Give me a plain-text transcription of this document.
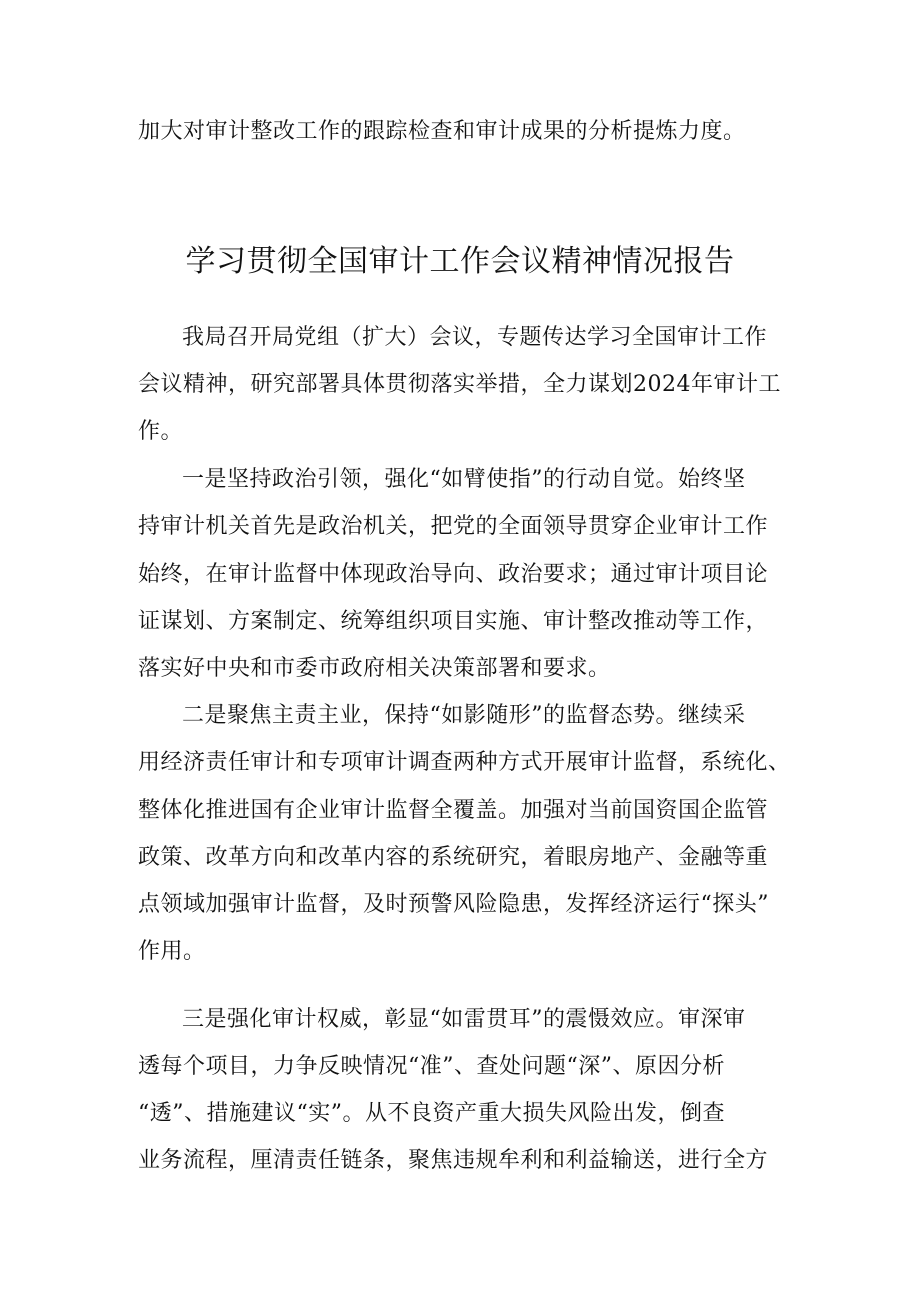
加大对审计整改工作的跟踪检查和审计成果的分析提炼力度。
学习贯彻全国审计工作会议精神情况报告
我局召开局党组（扩大）会议，专题传达学习全国审计工作
会议精神，研究部署具体贯彻落实举措，全力谋划2024年审计工
作。
一是坚持政治引领，强化“如臂使指”的行动自觉。始终坚
持审计机关首先是政治机关，把党的全面领导贯穿企业审计工作
始终，在审计监督中体现政治导向、政治要求；通过审计项目论
证谋划、方案制定、统筹组织项目实施、审计整改推动等工作，
落实好中央和市委市政府相关决策部署和要求。
二是聚焦主责主业，保持“如影随形”的监督态势。继续采
用经济责任审计和专项审计调查两种方式开展审计监督，系统化、
整体化推进国有企业审计监督全覆盖。加强对当前国资国企监管
政策、改革方向和改革内容的系统研究，着眼房地产、金融等重
点领域加强审计监督，及时预警风险隐患，发挥经济运行“探头”
作用。
三是强化审计权威，彰显“如雷贯耳”的震慑效应。审深审
透每个项目，力争反映情况“准”、查处问题“深”、原因分析
“透”、措施建议“实”。从不良资产重大损失风险出发，倒查
业务流程，厘清责任链条，聚焦违规牟利和利益输送，进行全方
